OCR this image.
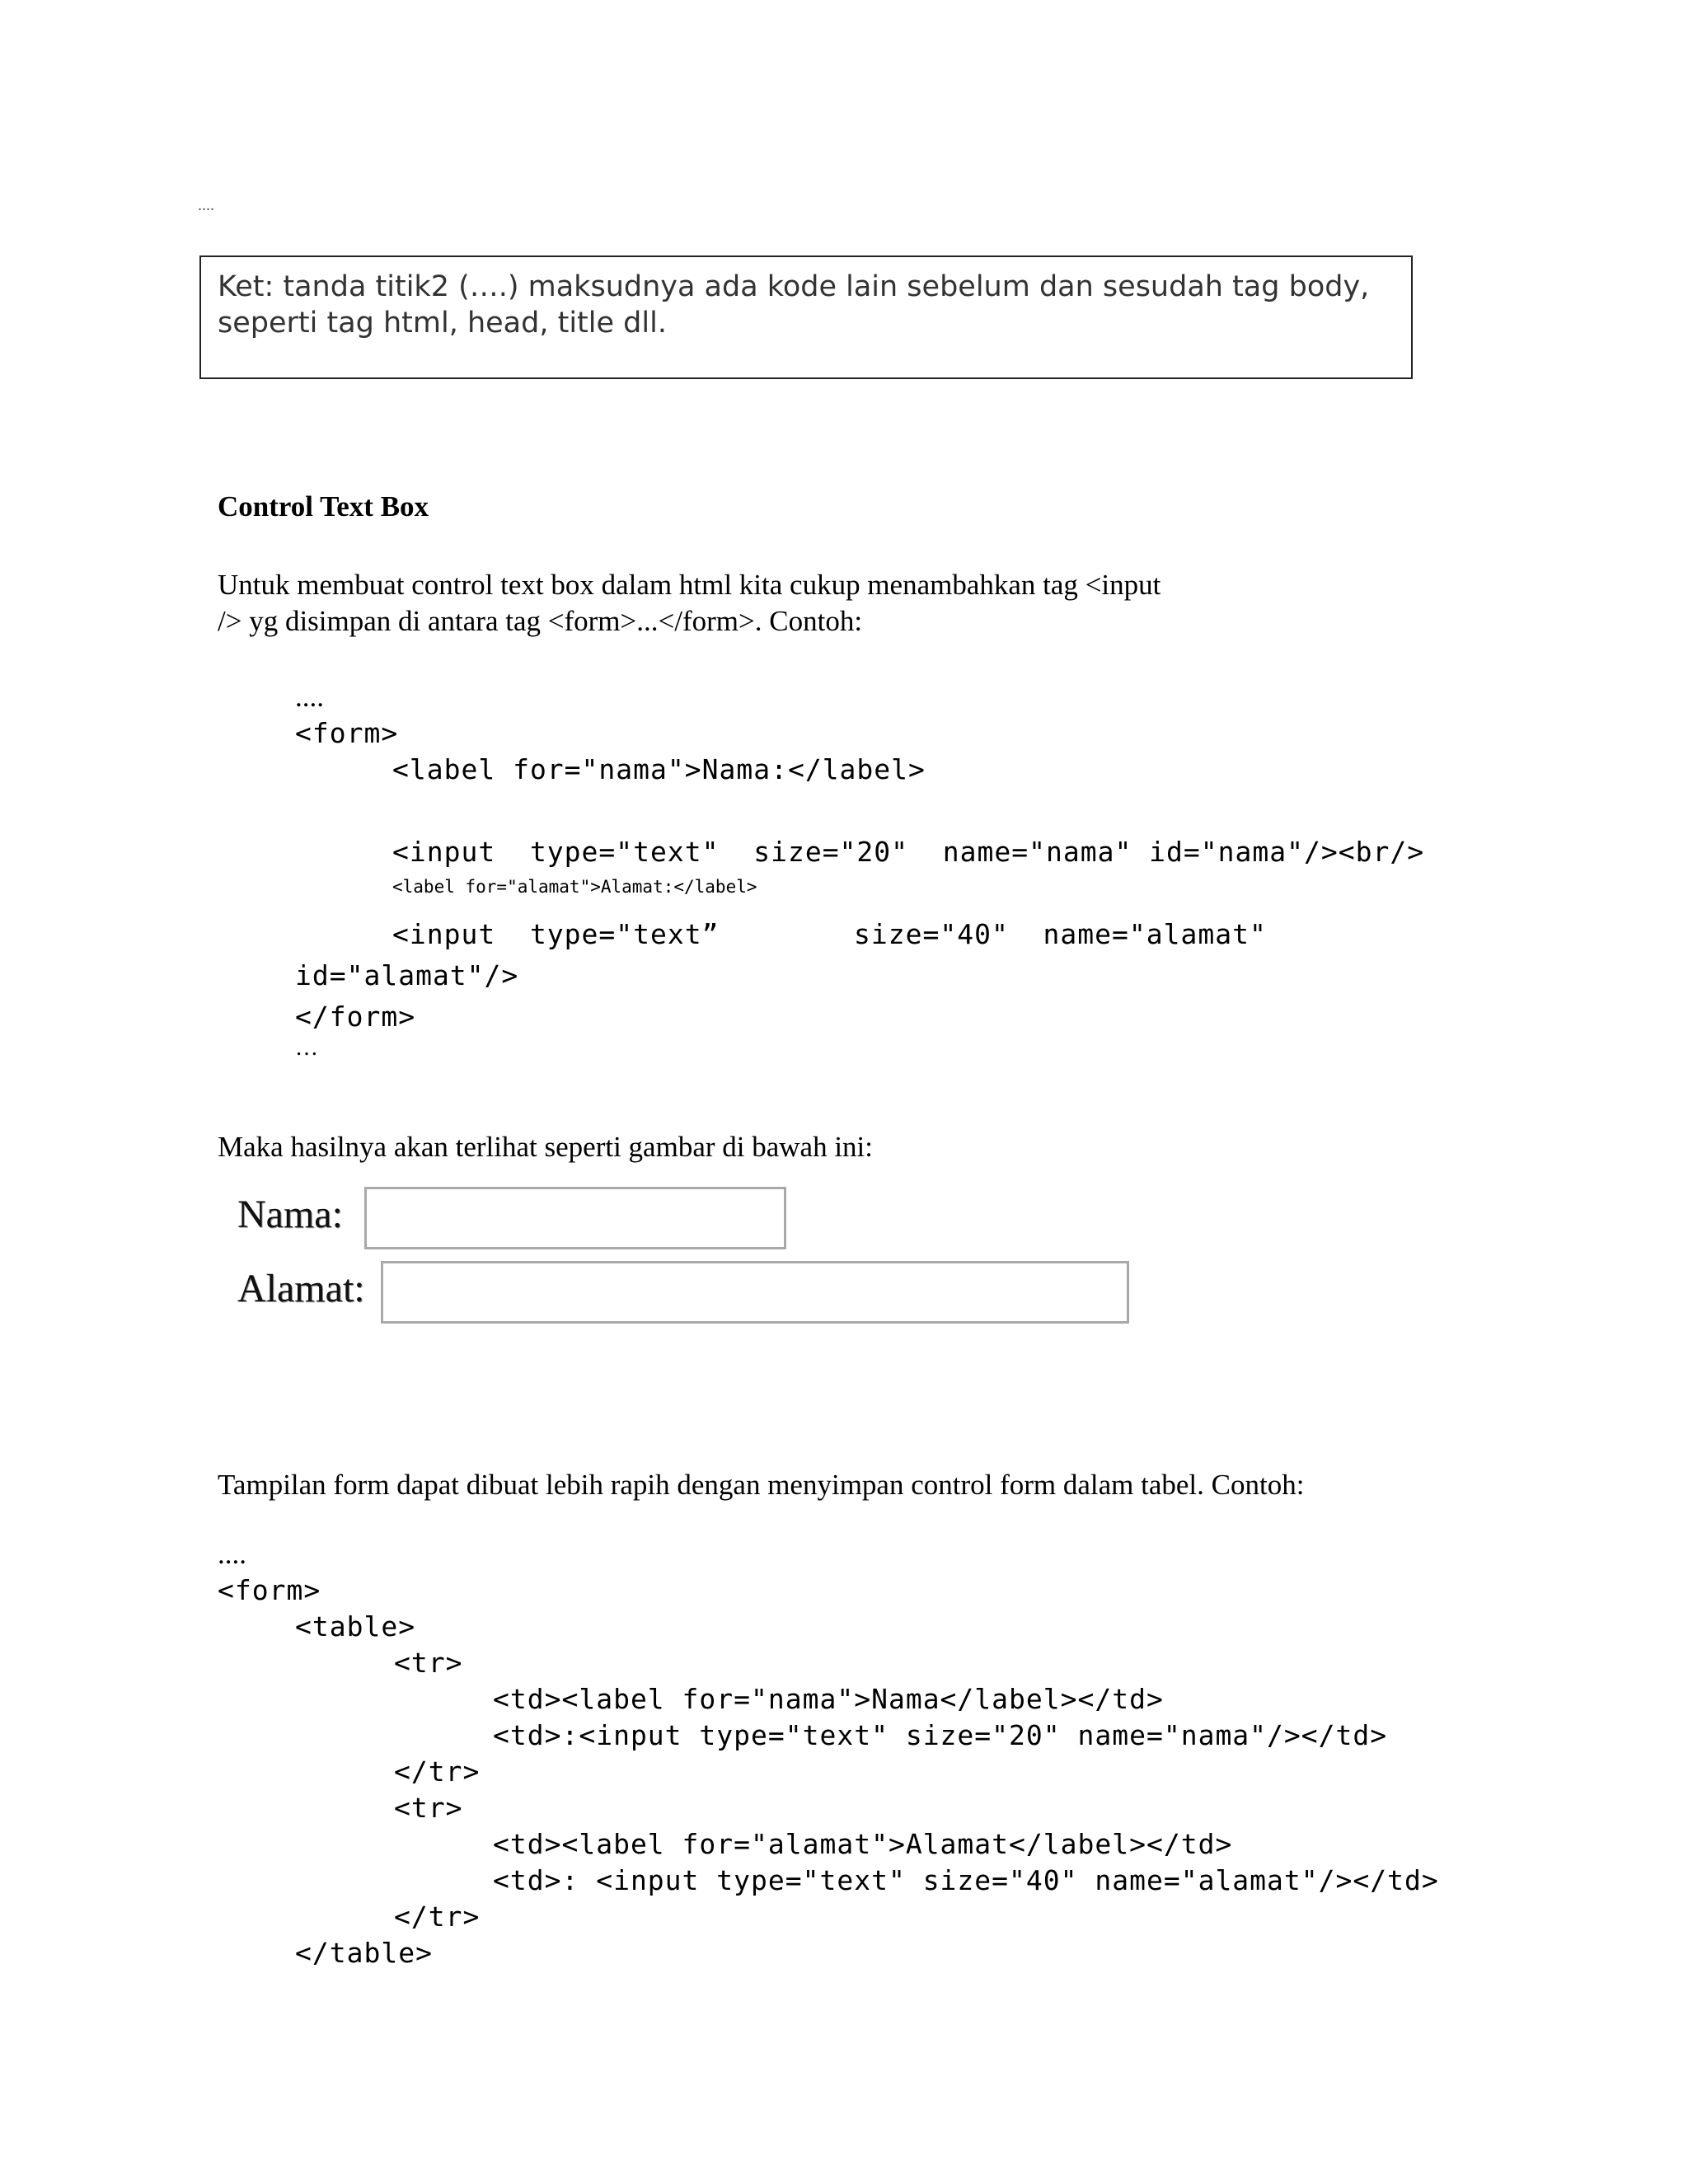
....
Ket: tanda titik2 (….) maksudnya ada kode lain sebelum dan sesudah tag body,
seperti tag html, head, title dll.
Control Text Box
Untuk membuat control text box dalam html kita cukup menambahkan tag <input
/> yg disimpan di antara tag <form>...</form>. Contoh:
....
<form>
<label for="nama">Nama:</label>
<input  type="text"  size="20"  name="nama" id="nama"/><br/>
<label for="alamat">Alamat:</label>
<input  type="text”	size="40"  name="alamat"
id="alamat"/>
</form>
…
Maka hasilnya akan terlihat seperti gambar di bawah ini:
Nama:
Alamat:
Tampilan form dapat dibuat lebih rapih dengan menyimpan control form dalam tabel. Contoh:
....
<form>
<table>
<tr>
<td><label for="nama">Nama</label></td>
<td>:<input type="text" size="20" name="nama"/></td>
</tr>
<tr>
<td><label for="alamat">Alamat</label></td>
<td>: <input type="text" size="40" name="alamat"/></td>
</tr>
</table>
